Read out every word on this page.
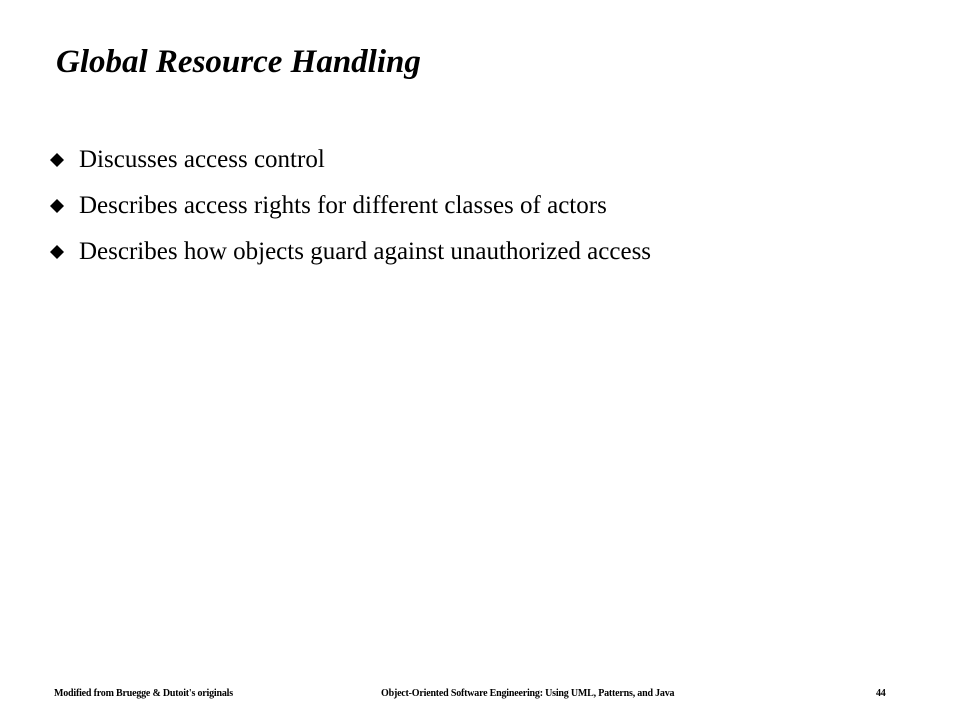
Global Resource Handling
Discusses access control
Describes access rights for different classes of actors
Describes how objects guard against unauthorized access
Modified from Bruegge & Dutoit's originals	Object-Oriented Software Engineering: Using UML, Patterns, and Java	44
